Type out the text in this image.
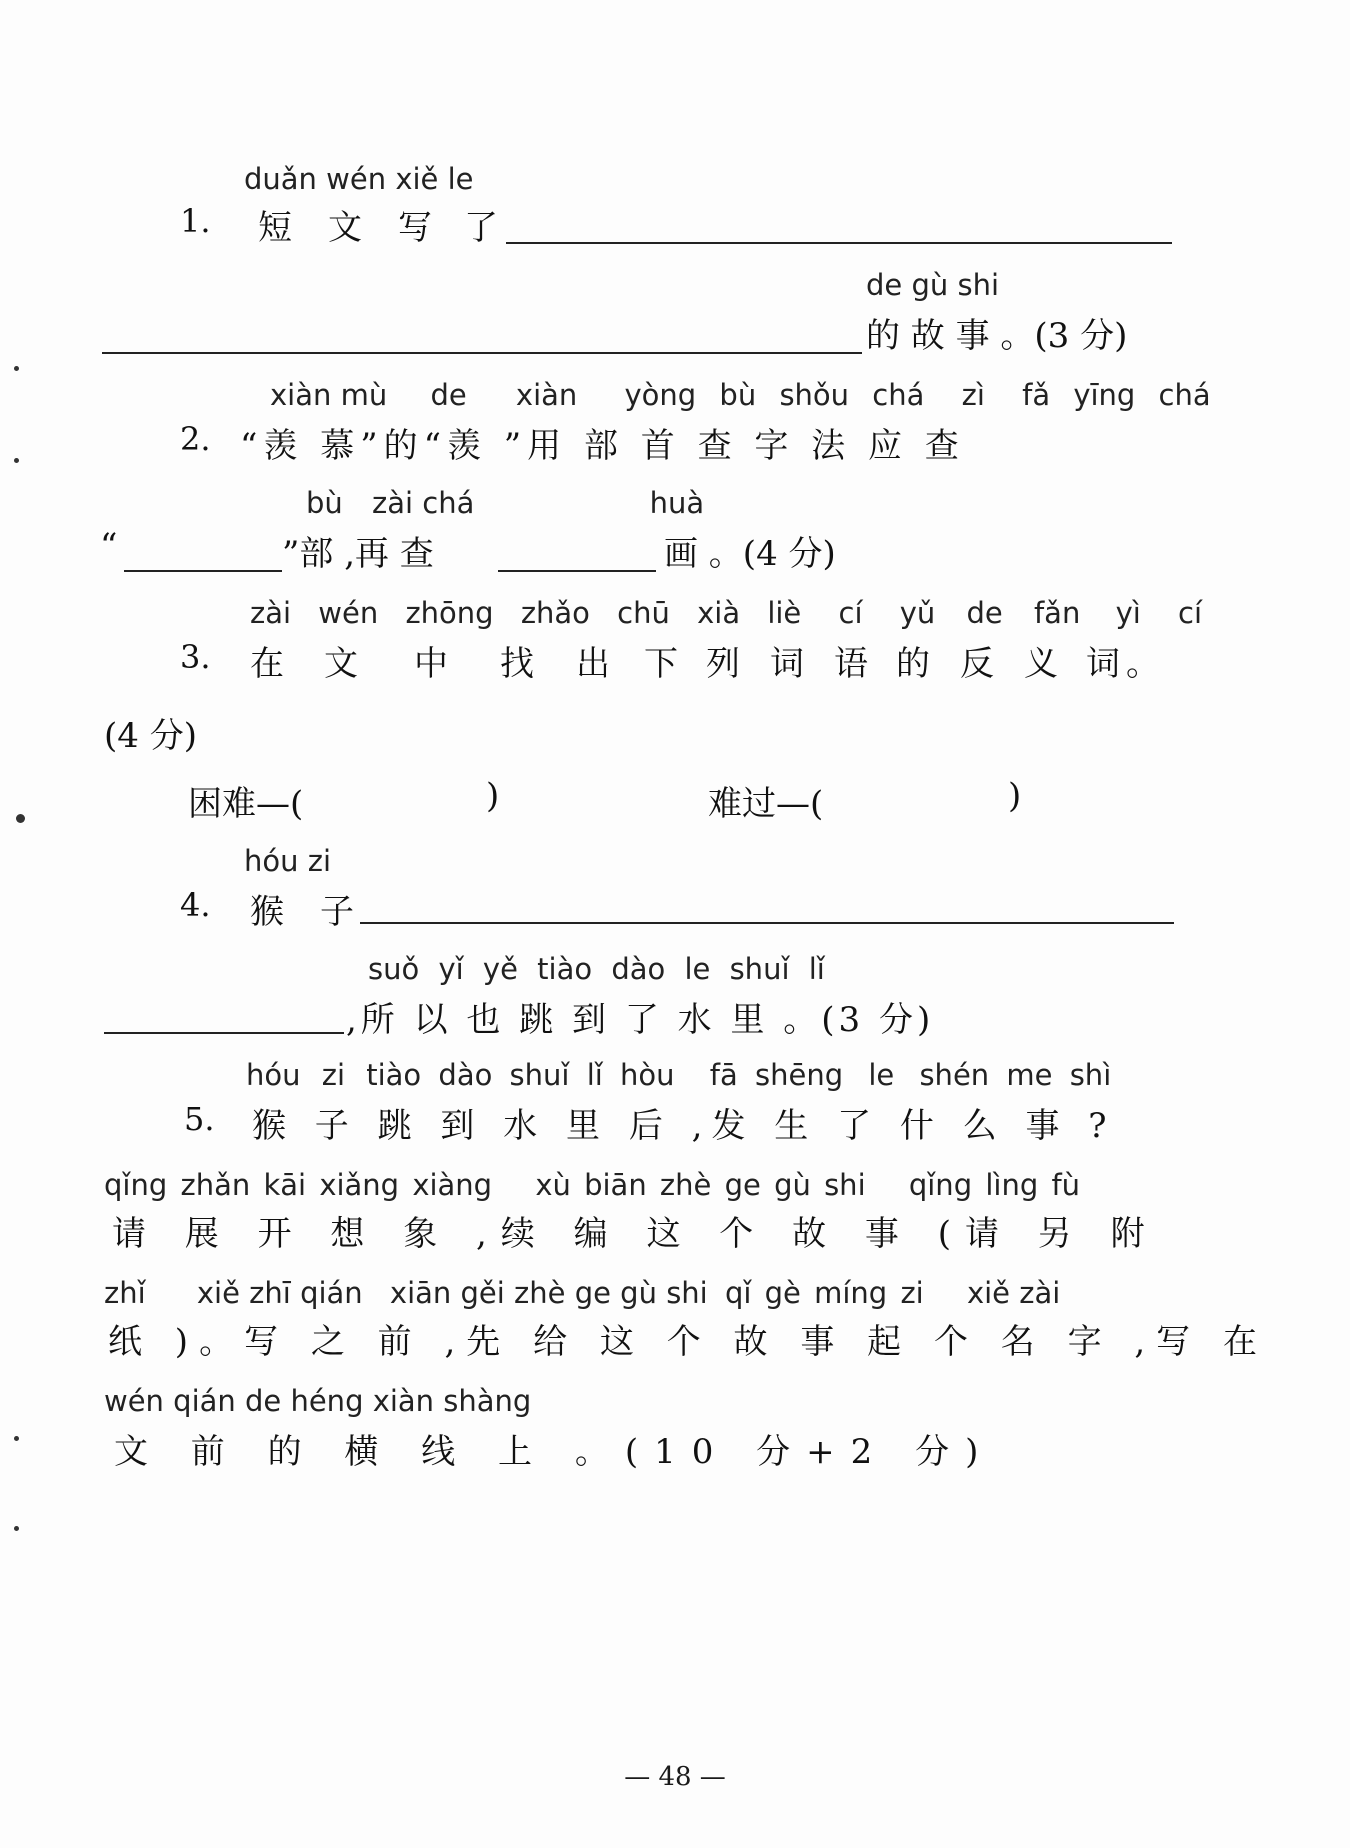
duǎn wén xiě le
1. 短 文 写 了
de gù shi
的 故 事 。(3 分)
xiàn mù de xiàn yòng bù shǒu chá zì fǎ yīng chá
2. “羡 慕”的“羡 ”用 部 首 查 字 法 应 查
bù zài chá	huà
“	”部 ,再 查	画 。(4 分)
zài wén zhōng zhǎo chū xià liè cí yǔ de fǎn yì cí
3. 在 文 中 找 出 下 列 词 语 的 反 义 词 。
(4 分)
困难—(	)	难过—(	)
hóu zi
4. 猴 子
suǒ yǐ yě tiào dào le shuǐ lǐ
,所 以 也 跳 到 了 水 里 。(3 分)
hóu zi tiào dào shuǐ lǐ hòu fā shēng le shén me shì
5. 猴 子 跳 到 水 里 后 ,发 生 了 什 么 事 ?
qǐng zhǎn kāi xiǎng xiàng xù biān zhè ge gù shi qǐng lìng fù
请 展 开 想 象 ,续 编 这 个 故 事 (请 另 附
zhǐ xiě zhī qián xiān gěi zhè ge gù shi qǐ gè míng zi xiě zài
纸 )。写 之 前 ,先 给 这 个 故 事 起 个 名 字 ,写 在
wén qián de héng xiàn shàng
文 前 的 横 线 上 。(10 分+2 分)
— 48 —
